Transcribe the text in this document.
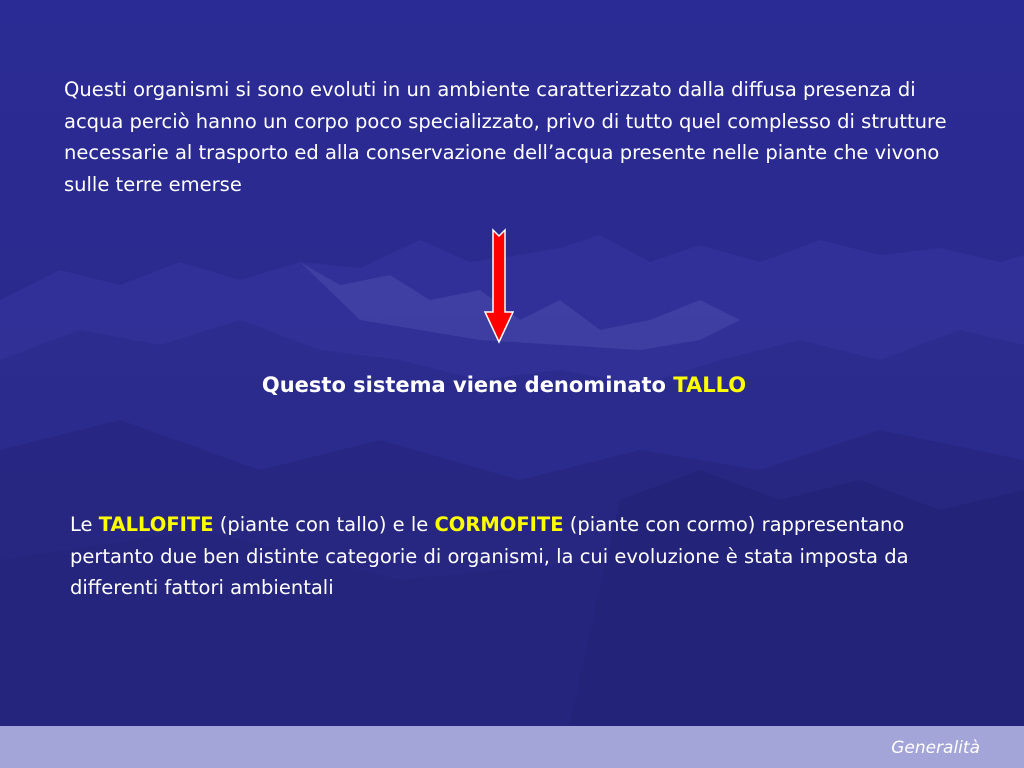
Questi organismi si sono evoluti in un ambiente caratterizzato dalla diffusa presenza di acqua perciò hanno un corpo poco specializzato, privo di tutto quel complesso di strutture necessarie al trasporto ed alla conservazione dell’acqua presente nelle piante che vivono sulle terre emerse
Questo sistema viene denominato TALLO
Le TALLOFITE (piante con tallo) e le CORMOFITE (piante con cormo) rappresentano pertanto due ben distinte categorie di organismi, la cui evoluzione è stata imposta da differenti fattori ambientali
Generalità
